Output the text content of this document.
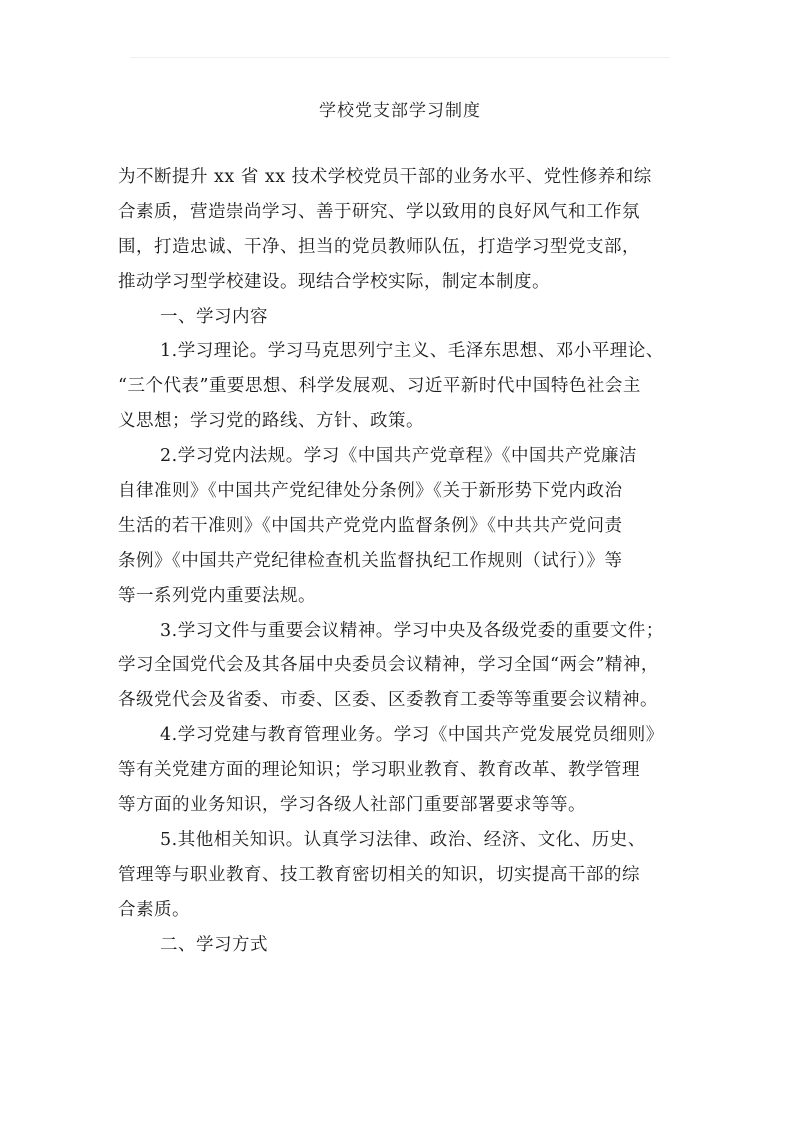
学校党支部学习制度
为不断提升 xx 省 xx 技术学校党员干部的业务水平、党性修养和综
合素质，营造崇尚学习、善于研究、学以致用的良好风气和工作氛
围，打造忠诚、干净、担当的党员教师队伍，打造学习型党支部，
推动学习型学校建设。现结合学校实际，制定本制度。
一、学习内容
1.学习理论。学习马克思列宁主义、毛泽东思想、邓小平理论、
“三个代表”重要思想、科学发展观、习近平新时代中国特色社会主
义思想；学习党的路线、方针、政策。
2.学习党内法规。学习《中国共产党章程》《中国共产党廉洁
自律准则》《中国共产党纪律处分条例》《关于新形势下党内政治
生活的若干准则》《中国共产党党内监督条例》《中共共产党问责
条例》《中国共产党纪律检查机关监督执纪工作规则（试行）》等
等一系列党内重要法规。
3.学习文件与重要会议精神。学习中央及各级党委的重要文件；
学习全国党代会及其各届中央委员会议精神，学习全国“两会”精神，
各级党代会及省委、市委、区委、区委教育工委等等重要会议精神。
4.学习党建与教育管理业务。学习《中国共产党发展党员细则》
等有关党建方面的理论知识；学习职业教育、教育改革、教学管理
等方面的业务知识，学习各级人社部门重要部署要求等等。
5.其他相关知识。认真学习法律、政治、经济、文化、历史、
管理等与职业教育、技工教育密切相关的知识，切实提高干部的综
合素质。
二、学习方式
